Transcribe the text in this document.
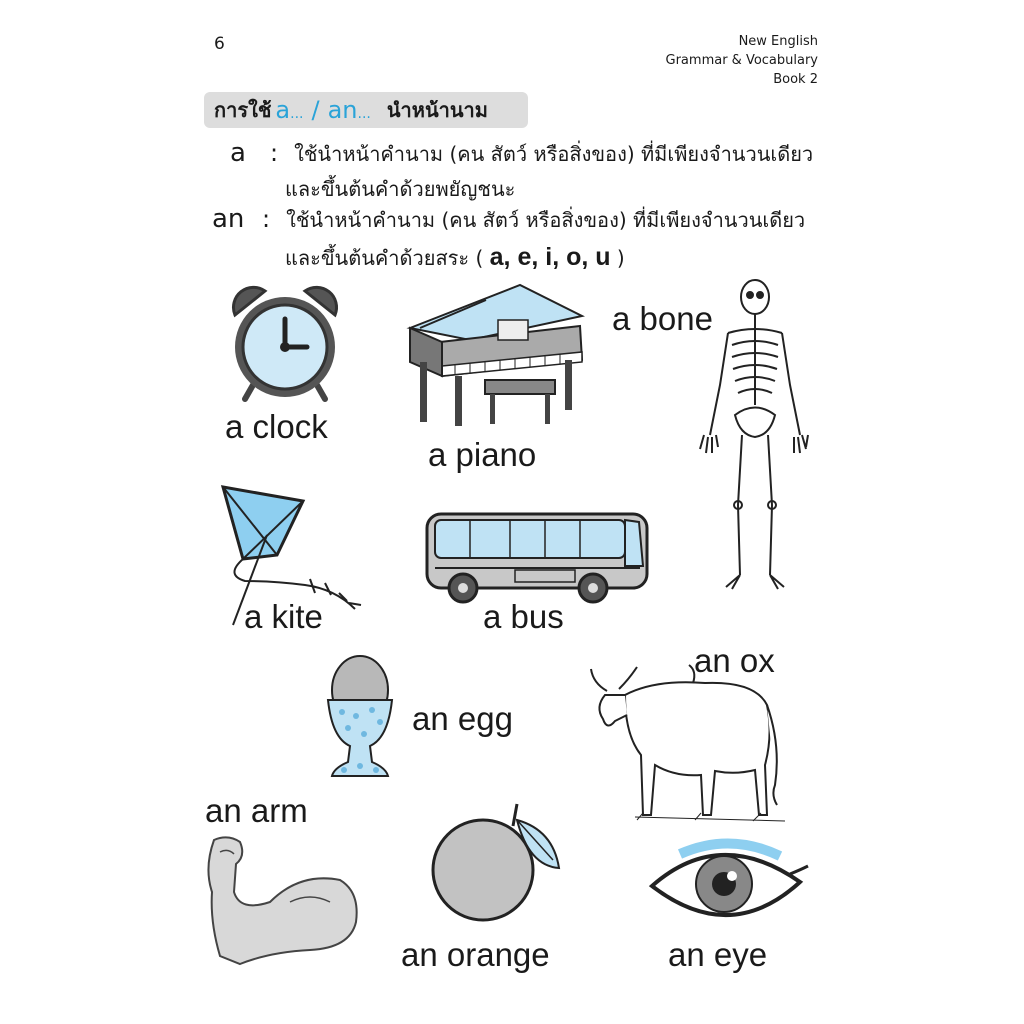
6	New English
Grammar & Vocabulary
Book 2
การใช้ a... / an... นำหน้านาม
a : ใช้นำหน้าคำนาม (คน สัตว์ หรือสิ่งของ) ที่มีเพียงจำนวนเดียว
และขึ้นต้นคำด้วยพยัญชนะ
an : ใช้นำหน้าคำนาม (คน สัตว์ หรือสิ่งของ) ที่มีเพียงจำนวนเดียว
และขึ้นต้นคำด้วยสระ ( a, e, i, o, u )
a clock
a piano
a bone
a kite	a bus
an egg
an ox
an arm
an orange	an eye
